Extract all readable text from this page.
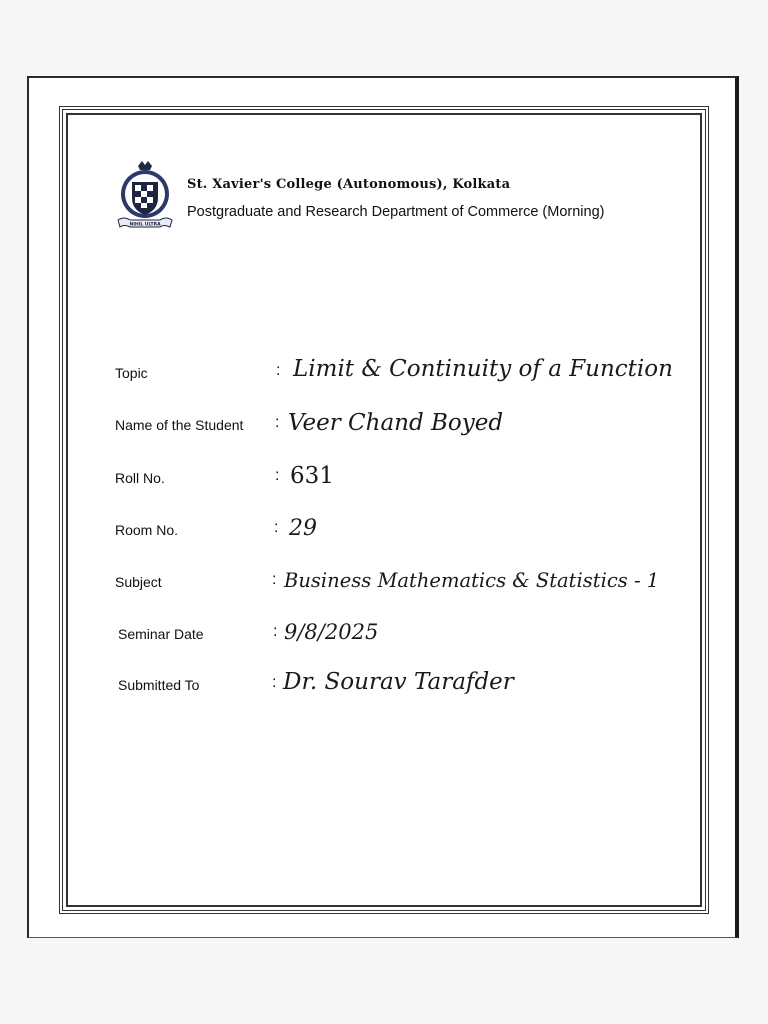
NIHIL ULTRA
St. Xavier's College (Autonomous), Kolkata
Postgraduate and Research Department of Commerce (Morning)
Topic	: Limit & Continuity of a Function
Name of the Student : Veer Chand Boyed
Roll No.	: 631
Room No.	: 29
Subject	: Business Mathematics & Statistics - 1
Seminar Date	: 9/8/2025
Submitted To	: Dr. Sourav Tarafder
